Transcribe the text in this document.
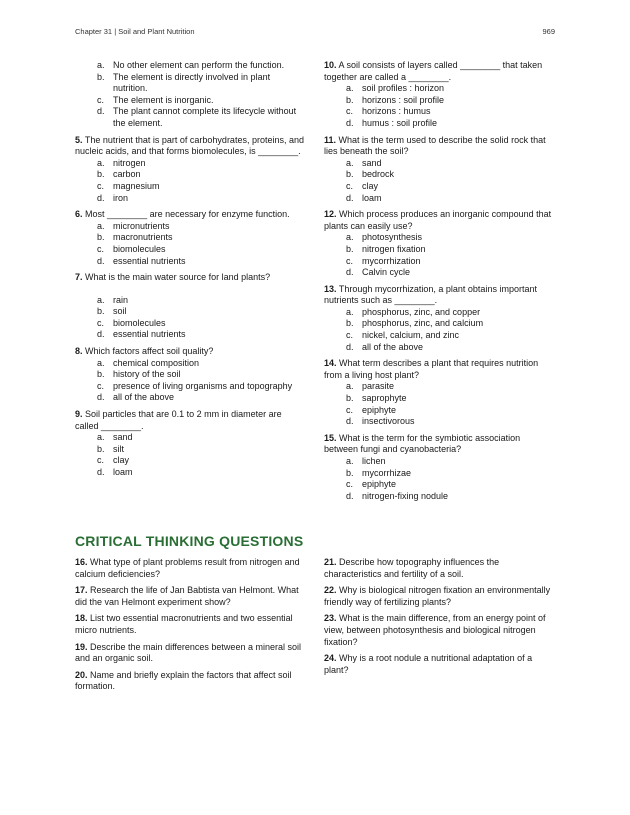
Chapter 31 | Soil and Plant Nutrition	969
a. No other element can perform the function.
b. The element is directly involved in plant nutrition.
c. The element is inorganic.
d. The plant cannot complete its lifecycle without the element.

5. The nutrient that is part of carbohydrates, proteins, and nucleic acids, and that forms biomolecules, is ________.

a. nitrogen
b. carbon
c. magnesium
d. iron

6. Most ________ are necessary for enzyme function.

a. micronutrients
b. macronutrients
c. biomolecules
d. essential nutrients

7. What is the main water source for land plants?

a. rain
b. soil
c. biomolecules
d. essential nutrients

8. Which factors affect soil quality?

a. chemical composition
b. history of the soil
c. presence of living organisms and topography
d. all of the above

9. Soil particles that are 0.1 to 2 mm in diameter are called ________.

a. sand
b. silt
c. clay
d. loam

10. A soil consists of layers called ________ that taken together are called a ________.

a. soil profiles : horizon
b. horizons : soil profile
c. horizons : humus
d. humus : soil profile

11. What is the term used to describe the solid rock that lies beneath the soil?

a. sand
b. bedrock
c. clay
d. loam

12. Which process produces an inorganic compound that plants can easily use?

a. photosynthesis
b. nitrogen fixation
c. mycorrhization
d. Calvin cycle

13. Through mycorrhization, a plant obtains important nutrients such as ________.

a. phosphorus, zinc, and copper
b. phosphorus, zinc, and calcium
c. nickel, calcium, and zinc
d. all of the above

14. What term describes a plant that requires nutrition from a living host plant?

a. parasite
b. saprophyte
c. epiphyte
d. insectivorous

15. What is the term for the symbiotic association between fungi and cyanobacteria?

a. lichen
b. mycorrhizae
c. epiphyte
d. nitrogen-fixing nodule
CRITICAL THINKING QUESTIONS

16. What type of plant problems result from nitrogen and calcium deficiencies?

17. Research the life of Jan Babtista van Helmont. What did the van Helmont experiment show?

18. List two essential macronutrients and two essential micro nutrients.

19. Describe the main differences between a mineral soil and an organic soil.

20. Name and briefly explain the factors that affect soil formation.

21. Describe how topography influences the characteristics and fertility of a soil.

22. Why is biological nitrogen fixation an environmentally friendly way of fertilizing plants?

23. What is the main difference, from an energy point of view, between photosynthesis and biological nitrogen fixation?

24. Why is a root nodule a nutritional adaptation of a plant?
